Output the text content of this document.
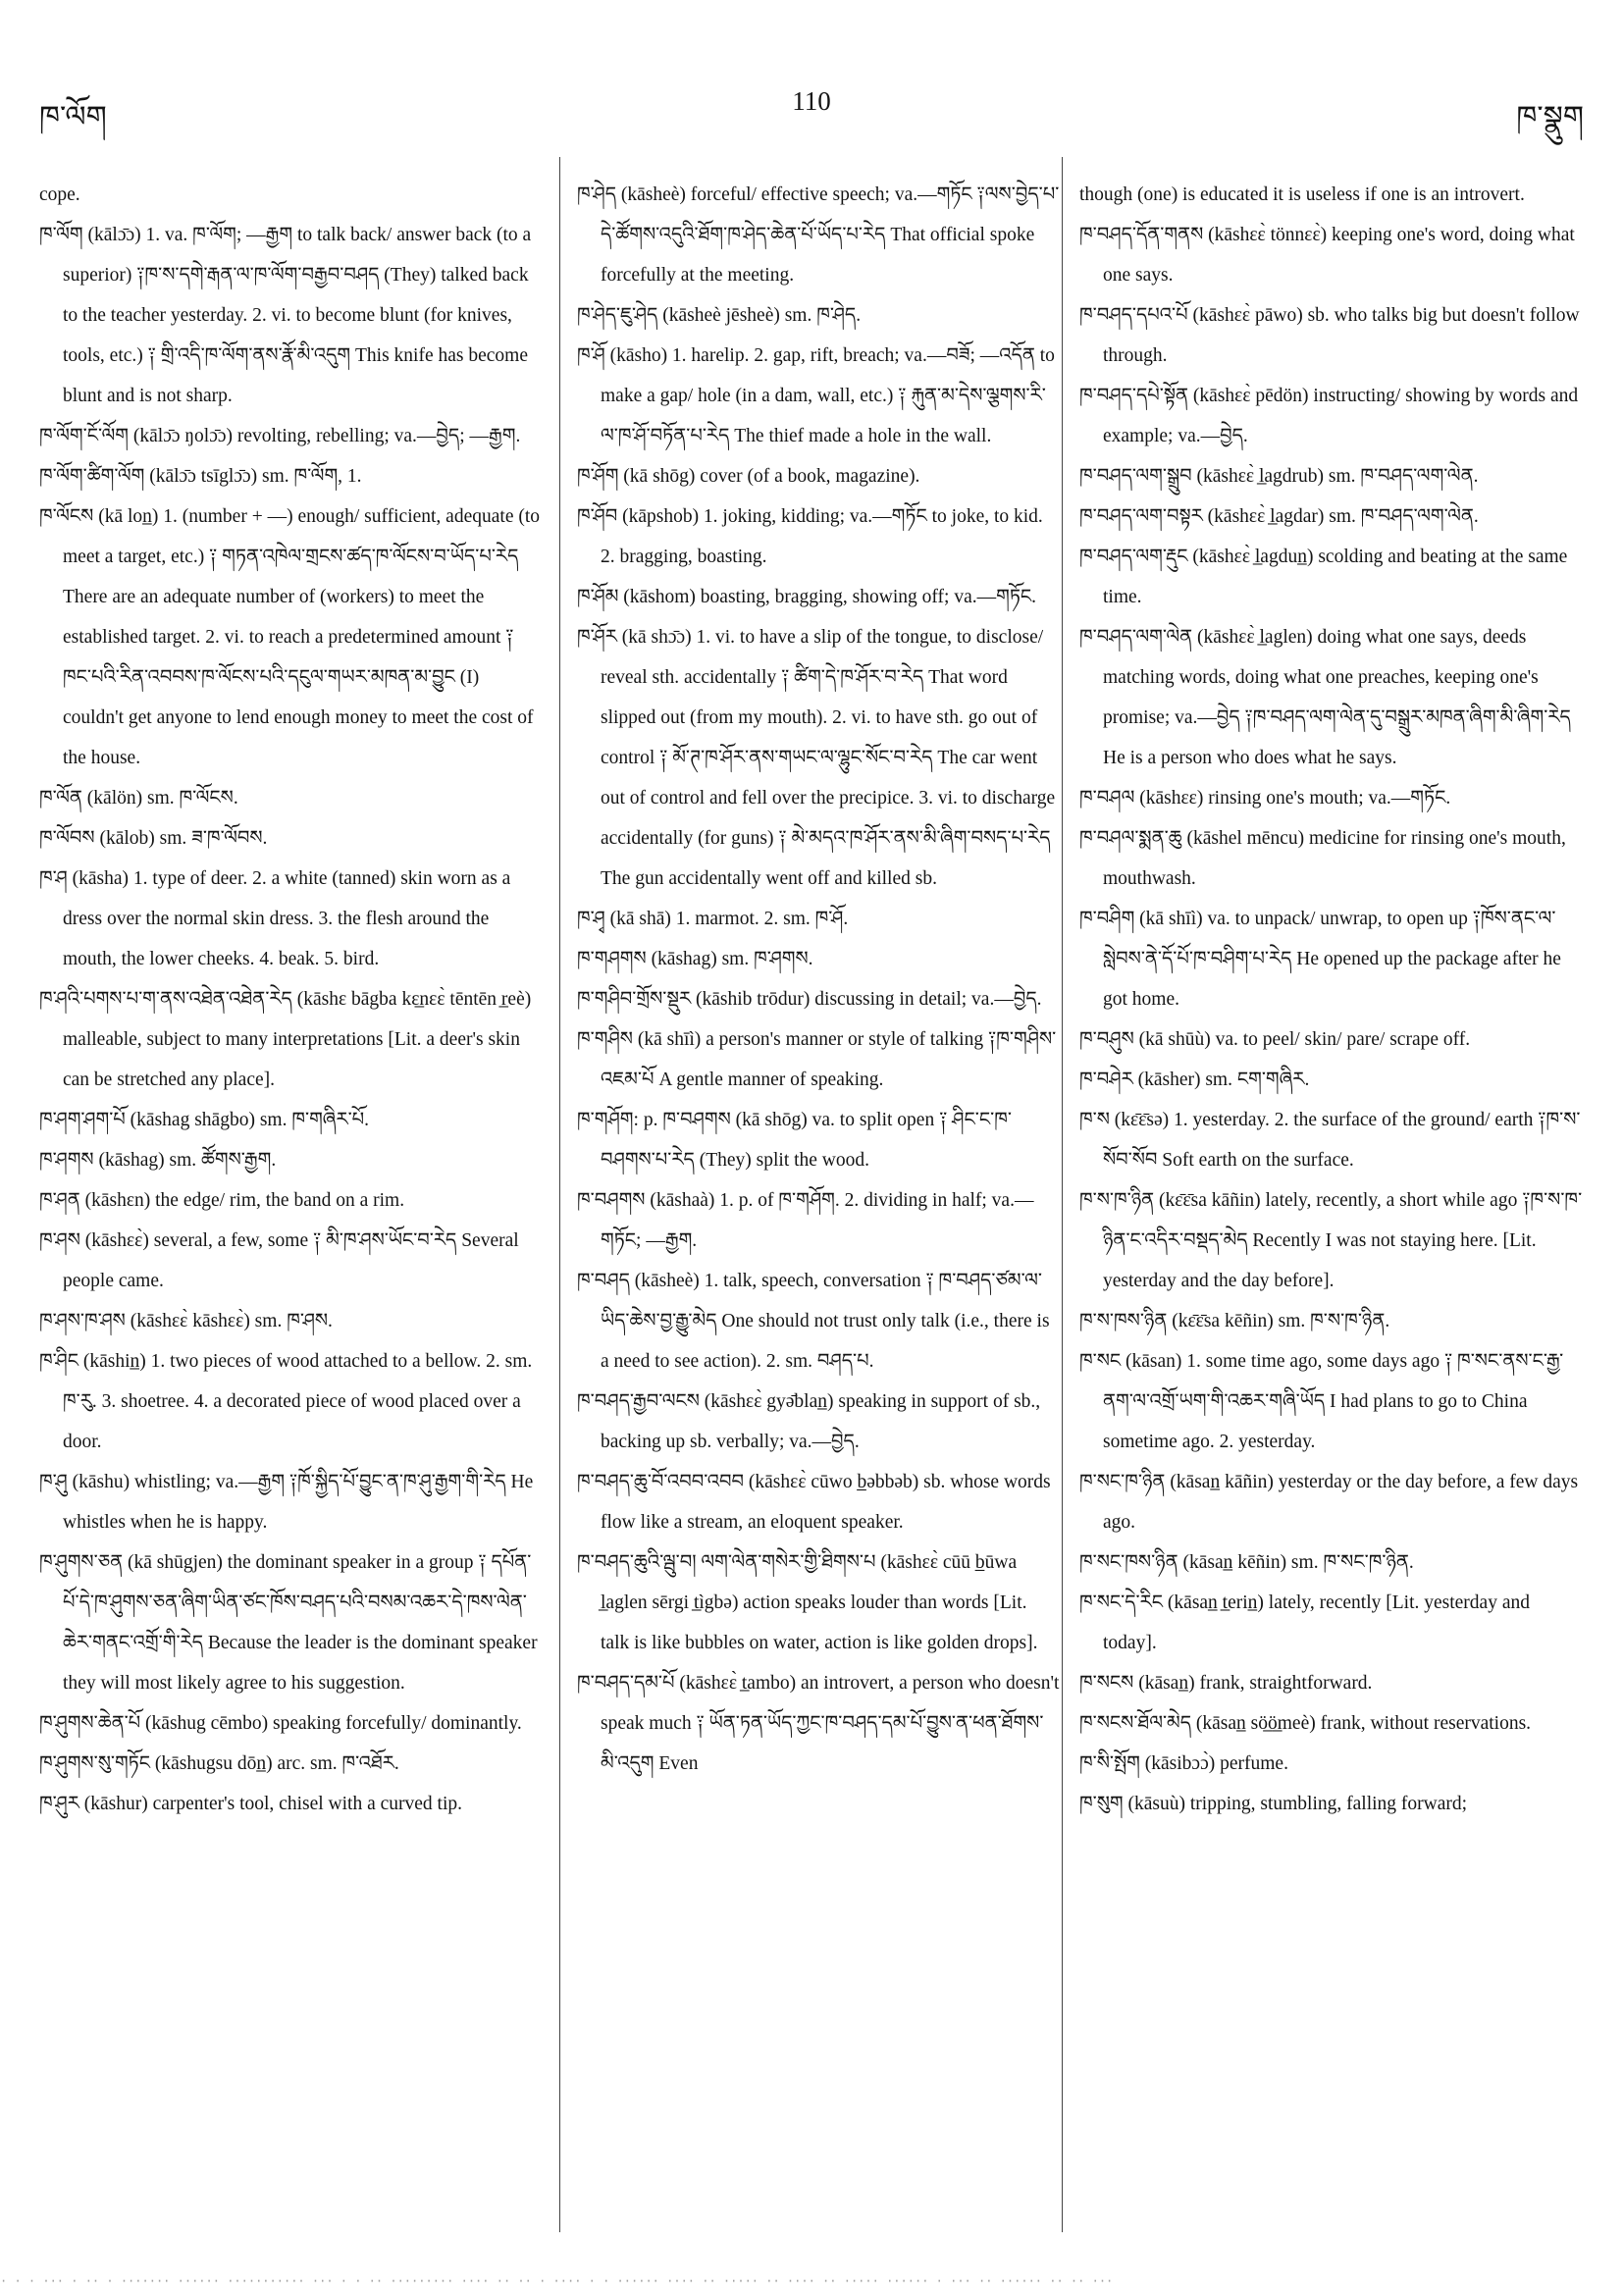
ཁ་ལོག	110	ཁ་སྣུག

cope.

ཁ་ལོག (kālɔ̄ɔ) 1. va. ཁ་ལོག; —རྒྱག to talk back/ answer back (to a superior) ༑ཁ་ས་དགེ་རྒན་ལ་ཁ་ལོག་བརྒྱབ་བཤད (They) talked back to the teacher yesterday. 2. vi. to become blunt (for knives, tools, etc.) ༑ གྲི་འདི་ཁ་ལོག་ནས་རྣོ་མི་འདུག This knife has become blunt and is not sharp.

ཁ་ལོག་ངོ་ལོག (kālɔ̄ɔ ŋolɔ̄ɔ) revolting, rebelling; va.—བྱེད; —རྒྱག.

ཁ་ལོག་ཚིག་ལོག (kālɔ̄ɔ tsīglɔ̄ɔ) sm. ཁ་ལོག, 1.

ཁ་ལོངས (kā lon̲) 1. (number + —) enough/ sufficient, adequate (to meet a target, etc.) ༑ གཏན་འཁེལ་གྲངས་ཚད་ཁ་ལོངས་བ་ཡོད་པ་རེད There are an adequate number of (workers) to meet the established target. 2. vi. to reach a predetermined amount ༑ཁང་པའི་རིན་འབབས་ཁ་ལོངས་པའི་དངུལ་གཡར་མཁན་མ་བྱུང (I) couldn't get anyone to lend enough money to meet the cost of the house.

ཁ་ལོན (kālön) sm. ཁ་ལོངས.

ཁ་ལོབས (kālob) sm. ཟ་ཁ་ལོབས.

ཁ་ཤ (kāsha) 1. type of deer. 2. a white (tanned) skin worn as a dress over the normal skin dress. 3. the flesh around the mouth, the lower cheeks. 4. beak. 5. bird.

ཁ་ཤའི་པགས་པ་ག་ནས་འཐེན་འཐེན་རེད (kāshɛ bāgba kɛ̲nɛɛ̀ tēntēn r̲eè) malleable, subject to many interpretations [Lit. a deer's skin can be stretched any place].

ཁ་ཤག་ཤག་པོ (kāshag shāgbo) sm. ཁ་གཞིར་པོ.

ཁ་ཤགས (kāshag) sm. ཚོགས་རྒྱག.

ཁ་ཤན (kāshɛn) the edge/ rim, the band on a rim.

ཁ་ཤས (kāshɛɛ̀) several, a few, some ༑ མི་ཁ་ཤས་ཡོང་བ་རེད Several people came.

ཁ་ཤས་ཁ་ཤས (kāshɛɛ̀ kāshɛɛ̀) sm. ཁ་ཤས.

ཁ་ཤིང (kāshin̲) 1. two pieces of wood attached to a bellow. 2. sm. ཁ་རུ. 3. shoetree. 4. a decorated piece of wood placed over a door.

ཁ་ཤུ (kāshu) whistling; va.—རྒྱག ༑ཁོ་སྐྱིད་པོ་བྱུང་ན་ཁ་ཤུ་རྒྱག་གི་རེད He whistles when he is happy.

ཁ་ཤུགས་ཅན (kā shūgjen) the dominant speaker in a group ༑ དཔོན་པོ་དེ་ཁ་ཤུགས་ཅན་ཞིག་ཡིན་ཙང་ཁོས་བཤད་པའི་བསམ་འཆར་དེ་ཁས་ལེན་ཆེར་གནང་འགྲོ་གི་རེད Because the leader is the dominant speaker they will most likely agree to his suggestion.

ཁ་ཤུགས་ཆེན་པོ (kāshug cēmbo) speaking forcefully/ dominantly.

ཁ་ཤུགས་སུ་གཏོང (kāshugsu dōn̲) arc. sm. ཁ་འཐོར.

ཁ་ཤུར (kāshur) carpenter's tool, chisel with a curved tip.

ཁ་ཤེད (kāsheè) forceful/ effective speech; va.—གཏོང ༑ལས་བྱེད་པ་དེ་ཚོགས་འདུའི་ཐོག་ཁ་ཤེད་ཆེན་པོ་ཡོད་པ་རེད That official spoke forcefully at the meeting.

ཁ་ཤེད་ཇུ་ཤེད (kāsheè jēsheè) sm. ཁ་ཤེད.

ཁ་ཤོ (kāsho) 1. harelip. 2. gap, rift, breach; va.—བཟོ; —འདོན to make a gap/ hole (in a dam, wall, etc.) ༑ རྐུན་མ་དེས་ལྕགས་རི་ལ་ཁ་ཤོ་བཏོན་པ་རེད The thief made a hole in the wall.

ཁ་ཤོག (kā shōg) cover (of a book, magazine).

ཁ་ཤོབ (kāpshob) 1. joking, kidding; va.—གཏོང to joke, to kid. 2. bragging, boasting.

ཁ་ཤོམ (kāshom) boasting, bragging, showing off; va.—གཏོང.

ཁ་ཤོར (kā shɔ̄ɔ) 1. vi. to have a slip of the tongue, to disclose/ reveal sth. accidentally ༑ ཚིག་དེ་ཁ་ཤོར་བ་རེད That word slipped out (from my mouth). 2. vi. to have sth. go out of control ༑ མོ་ཊ་ཁ་ཤོར་ནས་གཡང་ལ་ལྷུང་སོང་བ་རེད The car went out of control and fell over the precipice. 3. vi. to discharge accidentally (for guns) ༑ མེ་མདའ་ཁ་ཤོར་ནས་མི་ཞིག་བསད་པ་རེད The gun accidentally went off and killed sb.

ཁ་ཤྭ (kā shā) 1. marmot. 2. sm. ཁ་ཤོ.

ཁ་གཤགས (kāshag) sm. ཁ་ཤགས.

ཁ་གཤིབ་གྲོས་སྡུར (kāshib trōdur) discussing in detail; va.—བྱེད.

ཁ་གཤིས (kā shīì) a person's manner or style of talking ༑ཁ་གཤིས་འཇམ་པོ A gentle manner of speaking.

ཁ་གཤོག: p. ཁ་བཤགས (kā shōg) va. to split open ༑ ཤིང་ང་ཁ་བཤགས་པ་རེད (They) split the wood.

ཁ་བཤགས (kāshaà) 1. p. of ཁ་གཤོག. 2. dividing in half; va.—གཏོང; —རྒྱག.

ཁ་བཤད (kāsheè) 1. talk, speech, conversation ༑ ཁ་བཤད་ཙམ་ལ་ཡིད་ཆེས་བྱ་རྒྱུ་མེད One should not trust only talk (i.e., there is a need to see action). 2. sm. བཤད་པ.

ཁ་བཤད་རྒྱབ་ལངས (kāshɛɛ̀ gyə̄blan̲) speaking in support of sb., backing up sb. verbally; va.—བྱེད.

ཁ་བཤད་ཆུ་བོ་འབབ་འབབ (kāshɛɛ̀ cūwo b̲əbbəb) sb. whose words flow like a stream, an eloquent speaker.

ཁ་བཤད་ཆུའི་ལྦུ་བ། ལག་ལེན་གསེར་གྱི་ཐིགས་པ (kāshɛɛ̀ cūū b̲ūwa l̲aglen sērgi t̲ìgbə) action speaks louder than words [Lit. talk is like bubbles on water, action is like golden drops].

ཁ་བཤད་དམ་པོ (kāshɛɛ̀ t̲ambo) an introvert, a person who doesn't speak much ༑ ཡོན་ཏན་ཡོད་ཀྱང་ཁ་བཤད་དམ་པོ་བྱུས་ན་ཕན་ཐོགས་མི་འདུག Even

though (one) is educated it is useless if one is an introvert.

ཁ་བཤད་དོན་གནས (kāshɛɛ̀ tönnɛɛ̀) keeping one's word, doing what one says.

ཁ་བཤད་དཔའ་པོ (kāshɛɛ̀ pāwo) sb. who talks big but doesn't follow through.

ཁ་བཤད་དཔེ་སྟོན (kāshɛɛ̀ pēdön) instructing/ showing by words and example; va.—བྱེད.

ཁ་བཤད་ལག་སྒྲུབ (kāshɛɛ̀ l̲agdrub) sm. ཁ་བཤད་ལག་ལེན.

ཁ་བཤད་ལག་བསྟར (kāshɛɛ̀ l̲agdar) sm. ཁ་བཤད་ལག་ལེན.

ཁ་བཤད་ལག་རྡུང (kāshɛɛ̀ l̲agdun̲) scolding and beating at the same time.

ཁ་བཤད་ལག་ལེན (kāshɛɛ̀ l̲aglen) doing what one says, deeds matching words, doing what one preaches, keeping one's promise; va.—བྱེད ༑ཁ་བཤད་ལག་ལེན་དུ་བསྒྲུར་མཁན་ཞིག་མི་ཞིག་རེད He is a person who does what he says.

ཁ་བཤལ (kāshɛɛ) rinsing one's mouth; va.—གཏོང.

ཁ་བཤལ་སྨན་ཆུ (kāshel mēncu) medicine for rinsing one's mouth, mouthwash.

ཁ་བཤིག (kā shīì) va. to unpack/ unwrap, to open up ༑ཁོས་ནང་ལ་སླེབས་ནེ་དོ་པོ་ཁ་བཤིག་པ་རེད He opened up the package after he got home.

ཁ་བཤུས (kā shūù) va. to peel/ skin/ pare/ scrape off.

ཁ་བཤེར (kāsher) sm. ངག་གཞིར.

ཁ་ས (kɛ̄ɛ̄sə) 1. yesterday. 2. the surface of the ground/ earth ༑ཁ་ས་སོབ་སོབ Soft earth on the surface.

ཁ་ས་ཁ་ཉིན (kɛ̄ɛ̄sa kāñin) lately, recently, a short while ago ༑ཁ་ས་ཁ་ཉིན་ང་འདིར་བསྡད་མེད Recently I was not staying here. [Lit. yesterday and the day before].

ཁ་ས་ཁས་ཉིན (kɛ̄ɛ̄sa kēñin) sm. ཁ་ས་ཁ་ཉིན.

ཁ་སང (kāsan) 1. some time ago, some days ago ༑ ཁ་སང་ནས་ང་རྒྱ་ནག་ལ་འགྲོ་ཡག་གི་འཆར་གཞི་ཡོད I had plans to go to China sometime ago. 2. yesterday.

ཁ་སང་ཁ་ཉིན (kāsan̲ kāñin) yesterday or the day before, a few days ago.

ཁ་སང་ཁས་ཉིན (kāsan̲ kēñin) sm. ཁ་སང་ཁ་ཉིན.

ཁ་སང་དེ་རིང (kāsan̲ t̲erin̲) lately, recently [Lit. yesterday and today].

ཁ་སངས (kāsan̲) frank, straightforward.

ཁ་སངས་ཐོལ་མེད (kāsan̲ sö̲ö̲meè) frank, without reservations.

ཁ་སི་སྤོག (kāsibɔɔ̀) perfume.

ཁ་སུག (kāsuù) tripping, stumbling, falling forward;

· · · ··· · ·· · ······· ······ ··········· ··· · · ·· ········· ···· ·· ·· · ···· · · ······ ···· ·· ····· ·· ···· ·· ····· ······ · ··· ·· ······ ·· ·· ···
